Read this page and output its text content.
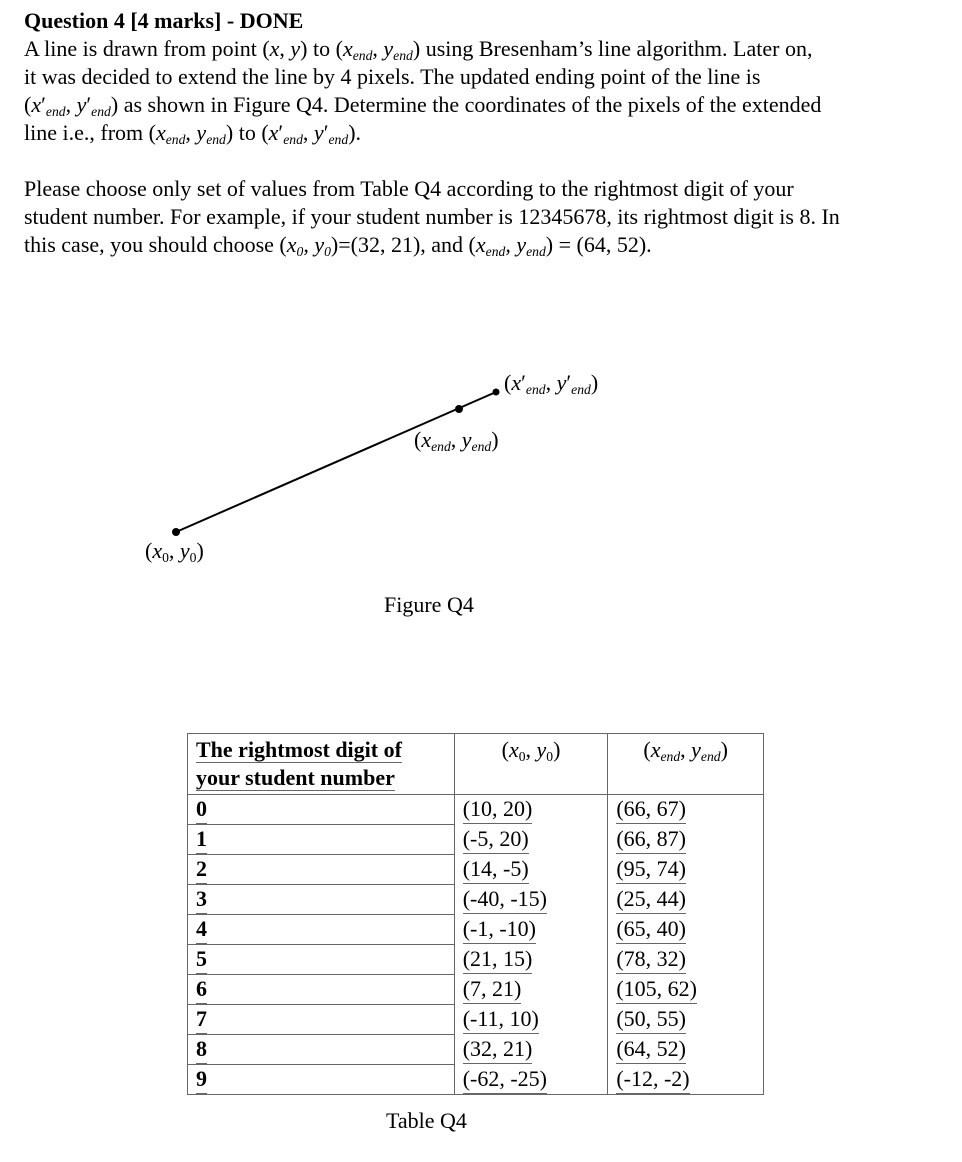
Question 4 [4 marks] - DONE

A line is drawn from point (x, y) to ($x_{end}$, $y_{end}$) using Bresenham’s line algorithm. Later on,
it was decided to extend the line by 4 pixels. The updated ending point of the line is
($x'_{end}$, $y'_{end}$) as shown in Figure Q4. Determine the coordinates of the pixels of the extended
line i.e., from ($x_{end}$, $y_{end}$) to ($x'_{end}$, $y'_{end}$).
Please choose only set of values from Table Q4 according to the rightmost digit of your
student number. For example, if your student number is 12345678, its rightmost digit is 8. In
this case, you should choose ($x_0$, $y_0)=(32$, 21), and ($x_{end}$, $y_{end}) = (64$, 52).
($x_0$, $y_0$)
($x_{end}$, $y_{end}$)
($x'_{end}$, $y'_{end}$)
Figure Q4
The rightmost digit of
your student number	($x_0$, $y_0$)	($x_{end}$, $y_{end}$)
0	(10, 20)	(66, 67)
1	(-5, 20)	(66, 87)
2	(14, -5)	(95, 74)
3	(-40, -15)	(25, 44)
4	(-1, -10)	(65, 40)
5	(21, 15)	(78, 32)
6	(7, 21)	(105, 62)
7	(-11, 10)	(50, 55)
8	(32, 21)	(64, 52)
9	(-62, -25)	(-12, -2)
Table Q4
